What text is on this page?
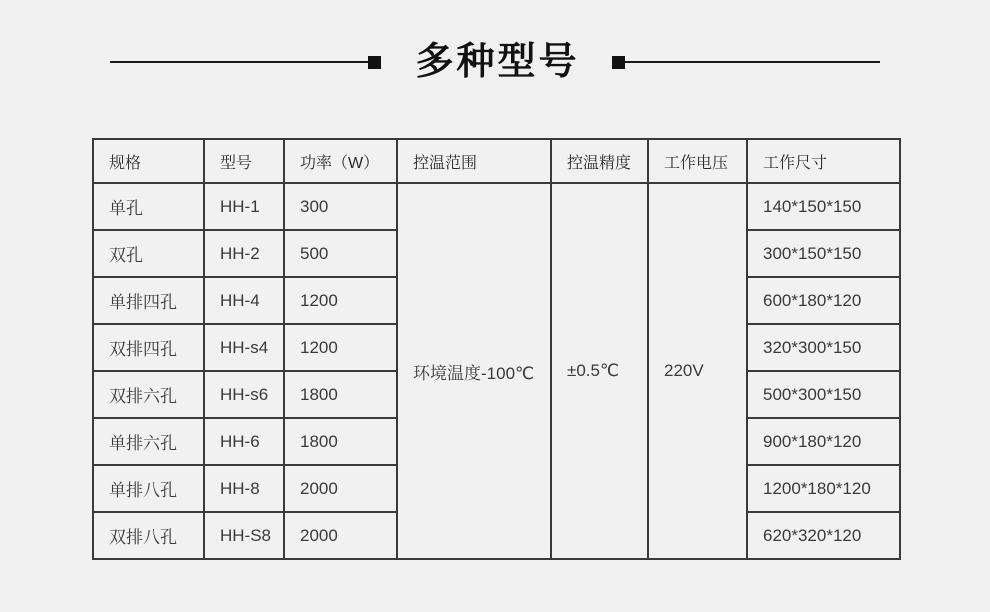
多种型号
规格	型号	功率（W）	控温范围	控温精度	工作电压	工作尺寸
单孔	HH-1	300	环境温度-100℃	±0.5℃	220V	140*150*150
双孔	HH-2	500				300*150*150
单排四孔	HH-4	1200				600*180*120
双排四孔	HH-s4	1200				320*300*150
双排六孔	HH-s6	1800				500*300*150
单排六孔	HH-6	1800				900*180*120
单排八孔	HH-8	2000				1200*180*120
双排八孔	HH-S8	2000				620*320*120
